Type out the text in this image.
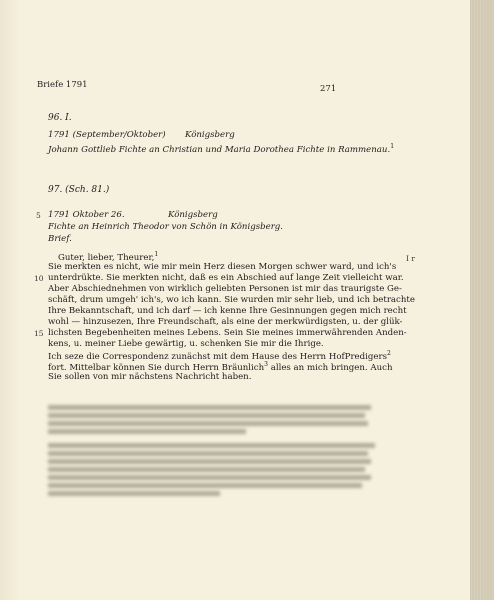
Briefe 1791	271
96. I.
1791 (September/Oktober) Königsberg
Johann Gottlieb Fichte an Christian und Maria Dorothea Fichte in Rammenau.$^1$
97. (Sch. 81.)
5 1791 Oktober 26.	Königsberg
Fichte an Heinrich Theodor von Schön in Königsberg.
Brief.
I r
Guter, lieber, Theurer,$^1$
Sie merkten es nicht, wie mir mein Herz diesen Morgen schwer ward, und ich's
10 unterdrükte. Sie merkten nicht, daß es ein Abschied auf lange Zeit vielleicht war.
Aber Abschiednehmen von wirklich geliebten Personen ist mir das traurigste Ge-
schäft, drum umgeh' ich's, wo ich kann. Sie wurden mir sehr lieb, und ich betrachte
Ihre Bekanntschaft, und ich darf — ich kenne Ihre Gesinnungen gegen mich recht
wohl — hinzusezen, Ihre Freundschaft, als eine der merkwürdigsten, u. der glük-
15 lichsten Begebenheiten meines Lebens. Sein Sie meines immerwährenden Anden-
kens, u. meiner Liebe gewärtig, u. schenken Sie mir die Ihrige.
Ich seze die Correspondenz zunächst mit dem Hause des Herrn HofPredigers$^2$
fort. Mittelbar können Sie durch Herrn Bräunlich$^3$ alles an mich bringen. Auch
Sie sollen von mir nächstens Nachricht haben.
